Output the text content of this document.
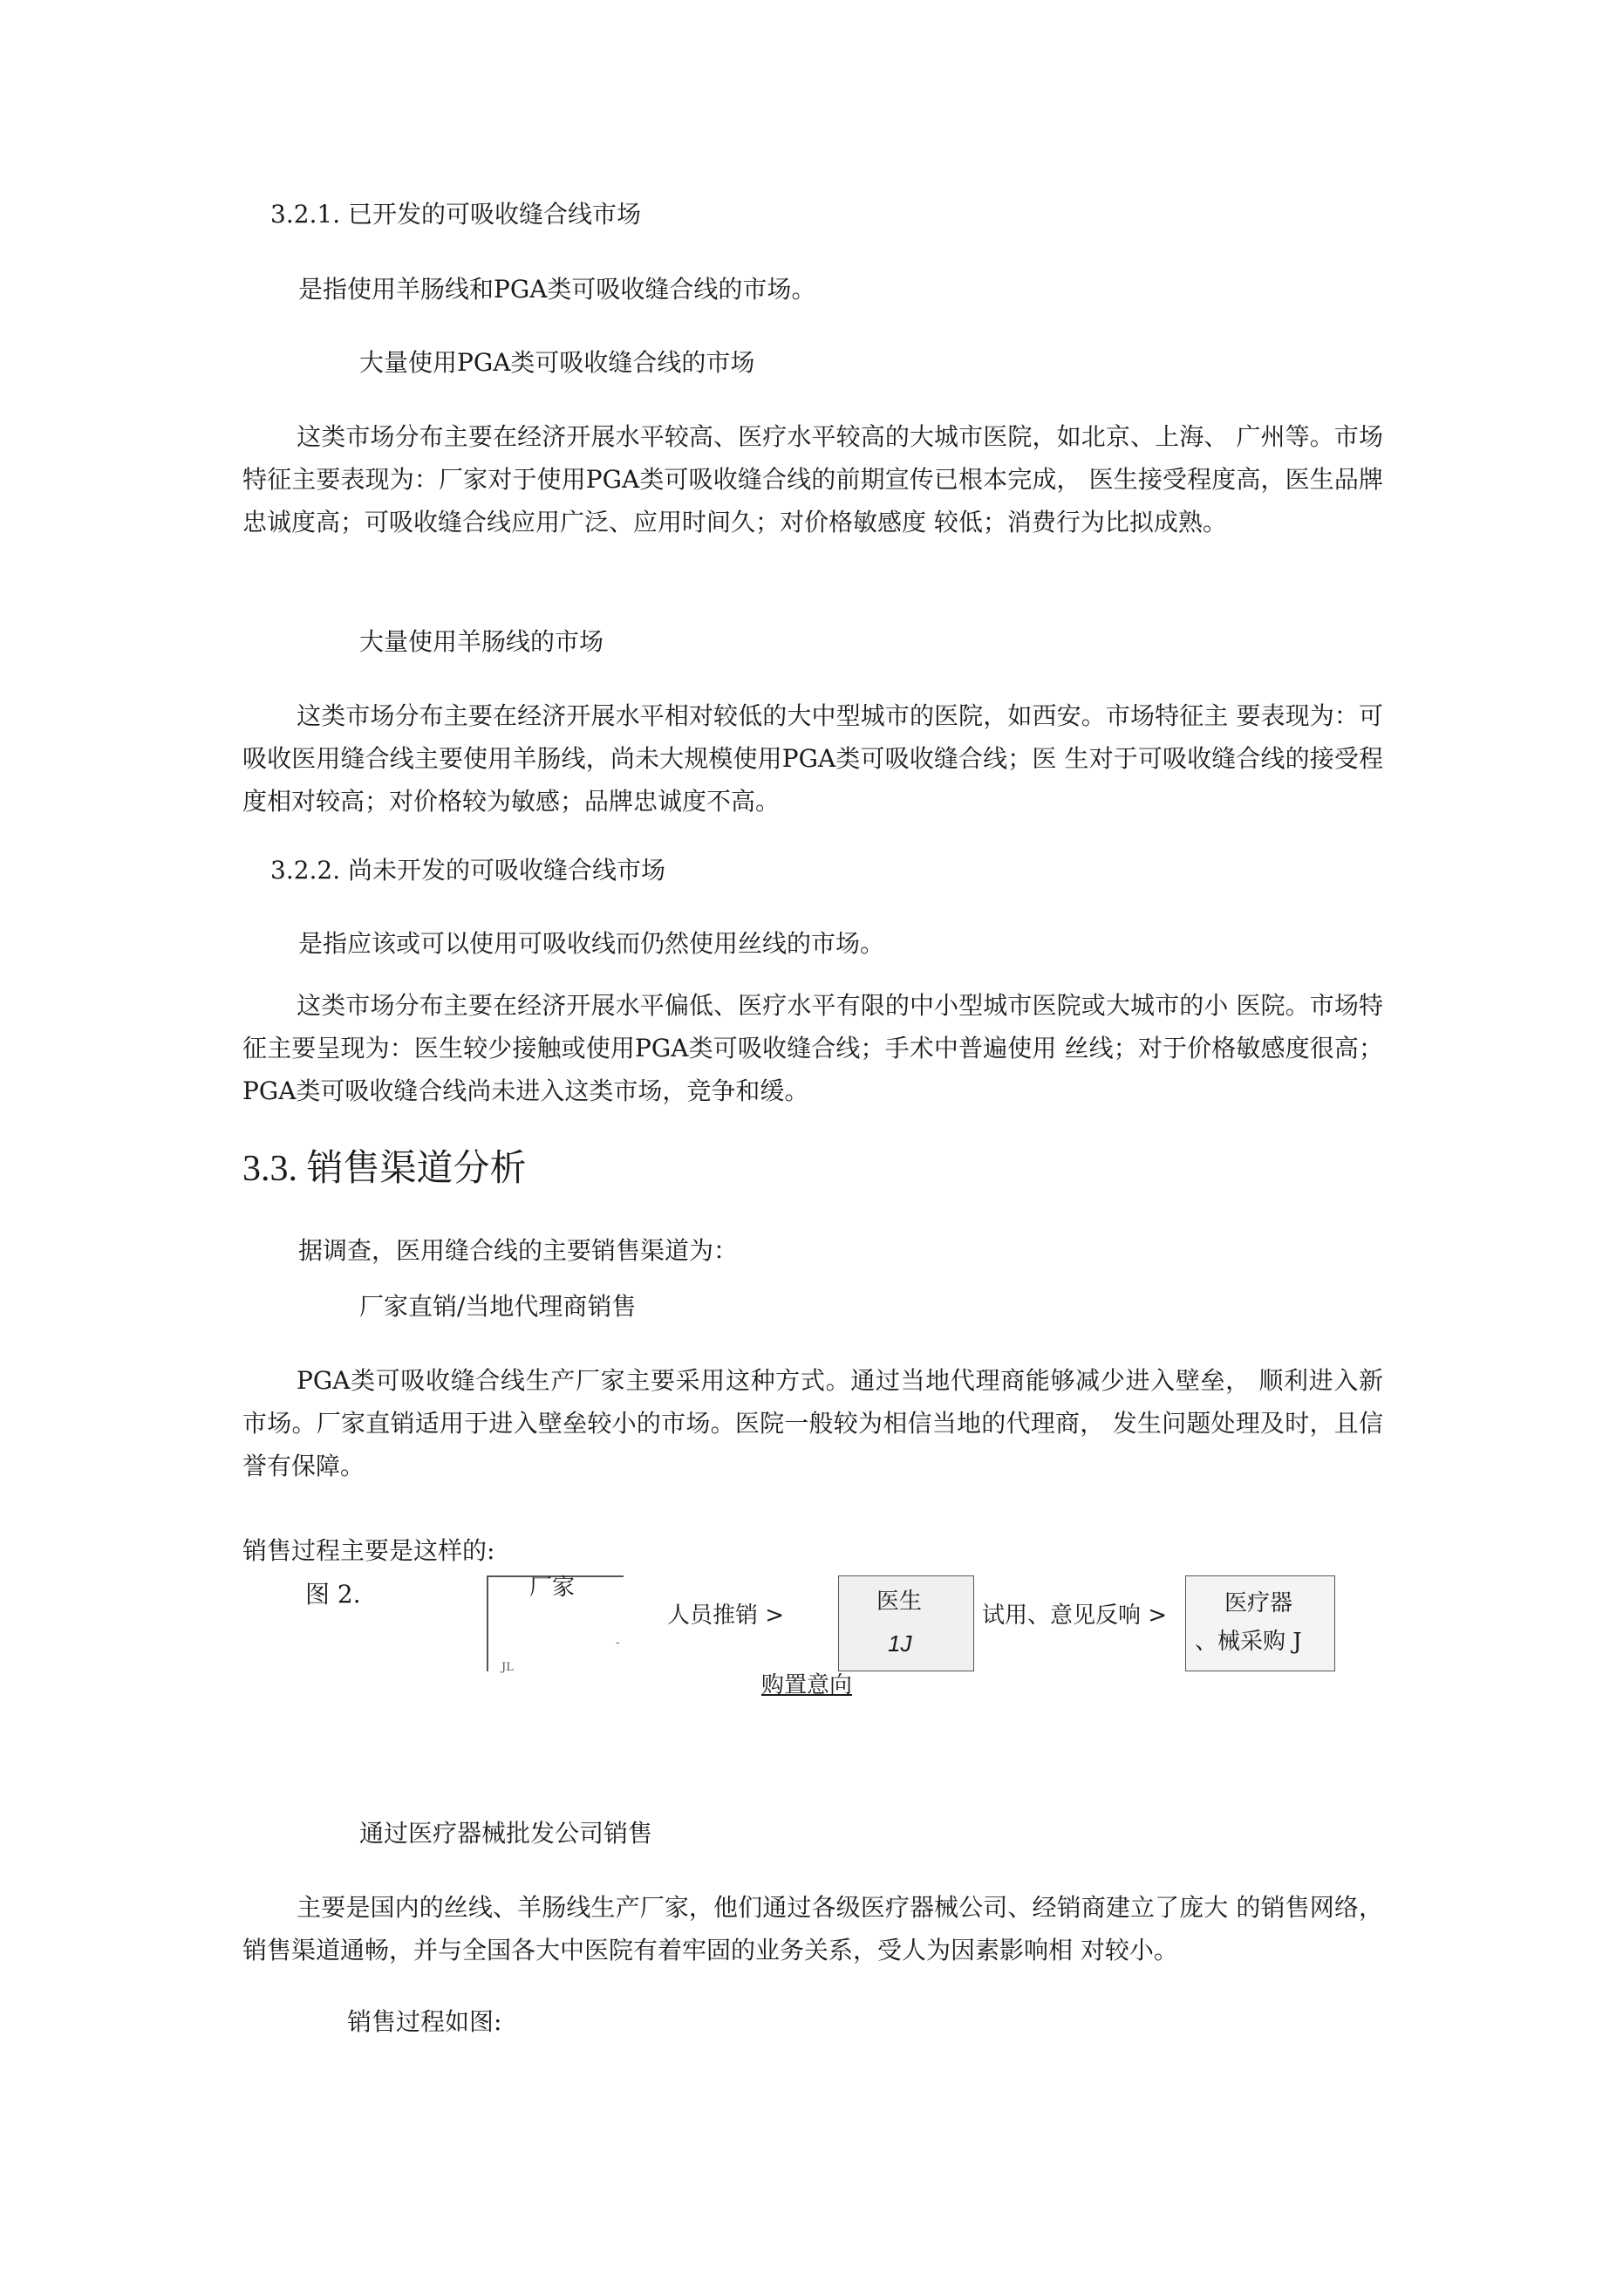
3.2.1. 已开发的可吸收缝合线市场

是指使用羊肠线和PGA类可吸收缝合线的市场。

大量使用PGA类可吸收缝合线的市场

这类市场分布主要在经济开展水平较高、医疗水平较高的大城市医院，如北京、上海、 广州等。市场特征主要表现为：厂家对于使用PGA类可吸收缝合线的前期宣传已根本完成， 医生接受程度高，医生品牌忠诚度高；可吸收缝合线应用广泛、应用时间久；对价格敏感度 较低；消费行为比拟成熟。

大量使用羊肠线的市场

这类市场分布主要在经济开展水平相对较低的大中型城市的医院，如西安。市场特征主 要表现为：可吸收医用缝合线主要使用羊肠线，尚未大规模使用PGA类可吸收缝合线；医 生对于可吸收缝合线的接受程度相对较高；对价格较为敏感；品牌忠诚度不高。

3.2.2. 尚未开发的可吸收缝合线市场

是指应该或可以使用可吸收线而仍然使用丝线的市场。

这类市场分布主要在经济开展水平偏低、医疗水平有限的中小型城市医院或大城市的小 医院。市场特征主要呈现为：医生较少接触或使用PGA类可吸收缝合线；手术中普遍使用 丝线；对于价格敏感度很高；PGA类可吸收缝合线尚未进入这类市场，竞争和缓。

3.3. 销售渠道分析

据调查，医用缝合线的主要销售渠道为：

厂家直销/当地代理商销售

PGA类可吸收缝合线生产厂家主要采用这种方式。通过当地代理商能够减少进入壁垒， 顺利进入新市场。厂家直销适用于进入壁垒较小的市场。医院一般较为相信当地的代理商， 发生问题处理及时，且信誉有保障。

销售过程主要是这样的:

图 2.	厂家
JL
-
人员推销 >
医生
1J
试用、意见反响 >	医疗器
、械采购 J
购置意向

通过医疗器械批发公司销售

主要是国内的丝线、羊肠线生产厂家，他们通过各级医疗器械公司、经销商建立了庞大 的销售网络，销售渠道通畅，并与全国各大中医院有着牢固的业务关系，受人为因素影响相 对较小。

销售过程如图:
